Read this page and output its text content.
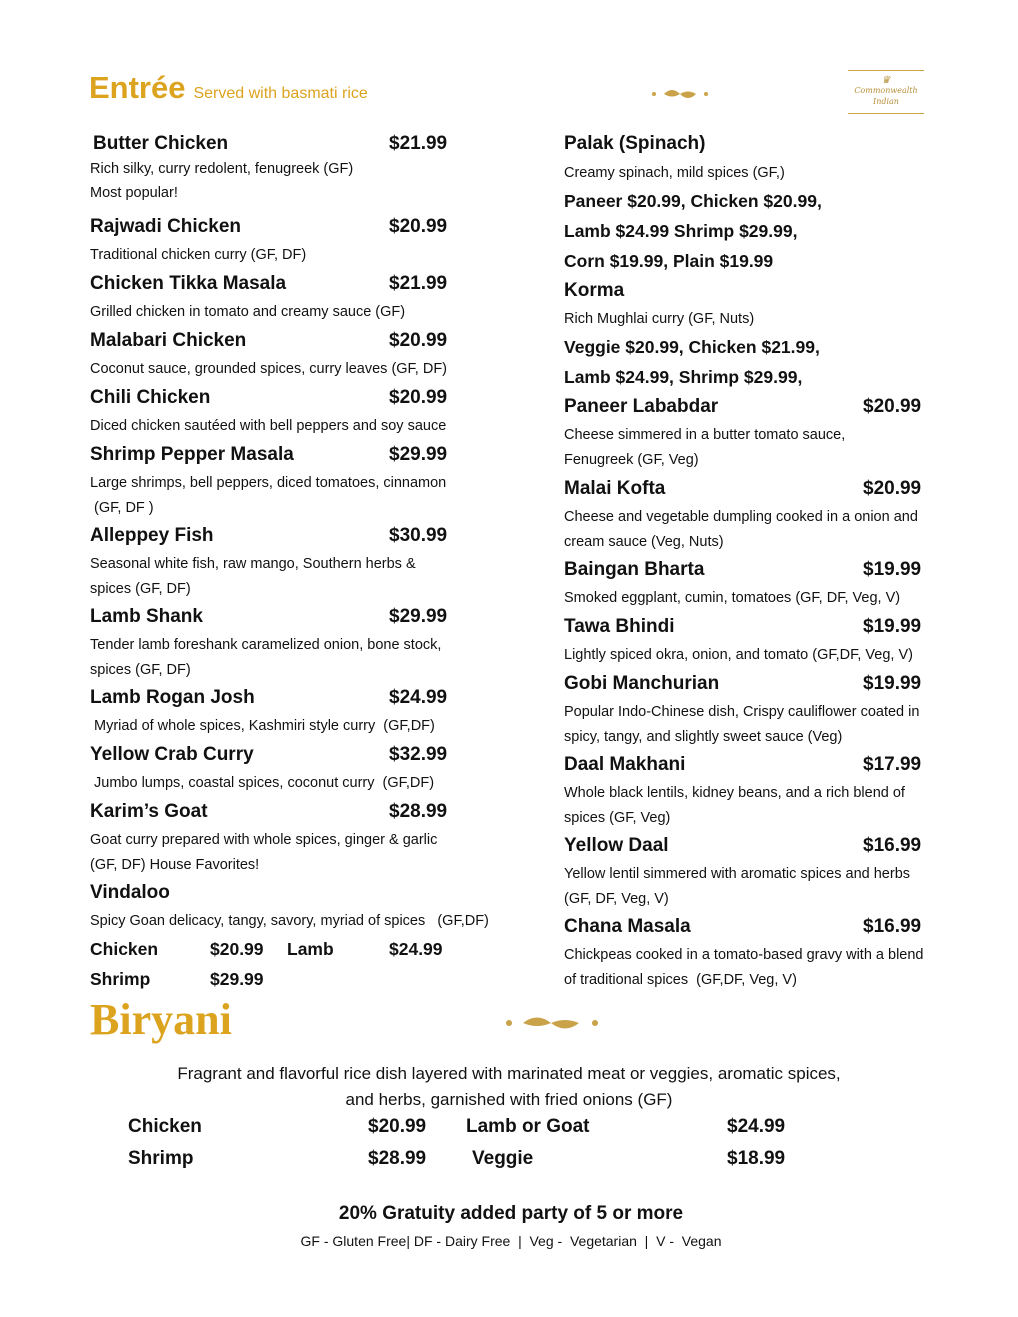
Entrée Served with basmati rice
♛
Commonwealth
Indian
Butter Chicken	$21.99
Rich silky, curry redolent, fenugreek (GF)
Most popular!
Rajwadi Chicken	$20.99
Traditional chicken curry (GF, DF)
Chicken Tikka Masala	$21.99
Grilled chicken in tomato and creamy sauce (GF)
Malabari Chicken	$20.99
Coconut sauce, grounded spices, curry leaves (GF, DF)
Chili Chicken	$20.99
Diced chicken sautéed with bell peppers and soy sauce
Shrimp Pepper Masala	$29.99
Large shrimps, bell peppers, diced tomatoes, cinnamon
(GF, DF )
Alleppey Fish	$30.99
Seasonal white fish, raw mango, Southern herbs &
spices (GF, DF)
Lamb Shank	$29.99
Tender lamb foreshank caramelized onion, bone stock,
spices (GF, DF)
Lamb Rogan Josh	$24.99
Myriad of whole spices, Kashmiri style curry  (GF,DF)
Yellow Crab Curry	$32.99
Jumbo lumps, coastal spices, coconut curry  (GF,DF)
Karim’s Goat	$28.99
Goat curry prepared with whole spices, ginger & garlic
(GF, DF) House Favorites!
Vindaloo
Spicy Goan delicacy, tangy, savory, myriad of spices   (GF,DF)
Chicken	$20.99 Lamb	$24.99
Shrimp	$29.99
Palak (Spinach)
Creamy spinach, mild spices (GF,)
Paneer $20.99, Chicken $20.99,
Lamb $24.99 Shrimp $29.99,
Corn $19.99, Plain $19.99
Korma
Rich Mughlai curry (GF, Nuts)
Veggie $20.99, Chicken $21.99,
Lamb $24.99, Shrimp $29.99,
Paneer Lababdar	$20.99
Cheese simmered in a butter tomato sauce,
Fenugreek (GF, Veg)
Malai Kofta	$20.99
Cheese and vegetable dumpling cooked in a onion and
cream sauce (Veg, Nuts)
Baingan Bharta	$19.99
Smoked eggplant, cumin, tomatoes (GF, DF, Veg, V)
Tawa Bhindi	$19.99
Lightly spiced okra, onion, and tomato (GF,DF, Veg, V)
Gobi Manchurian	$19.99
Popular Indo-Chinese dish, Crispy cauliflower coated in
spicy, tangy, and slightly sweet sauce (Veg)
Daal Makhani	$17.99
Whole black lentils, kidney beans, and a rich blend of
spices (GF, Veg)
Yellow Daal	$16.99
Yellow lentil simmered with aromatic spices and herbs
(GF, DF, Veg, V)
Chana Masala	$16.99
Chickpeas cooked in a tomato-based gravy with a blend
of traditional spices  (GF,DF, Veg, V)
Biryani
Fragrant and flavorful rice dish layered with marinated meat or veggies, aromatic spices,
and herbs, garnished with fried onions (GF)
Chicken	$20.99 Lamb or Goat	$24.99
Shrimp	$28.99 Veggie	$18.99
20% Gratuity added party of 5 or more
GF - Gluten Free| DF - Dairy Free  |  Veg -  Vegetarian  |  V -  Vegan
